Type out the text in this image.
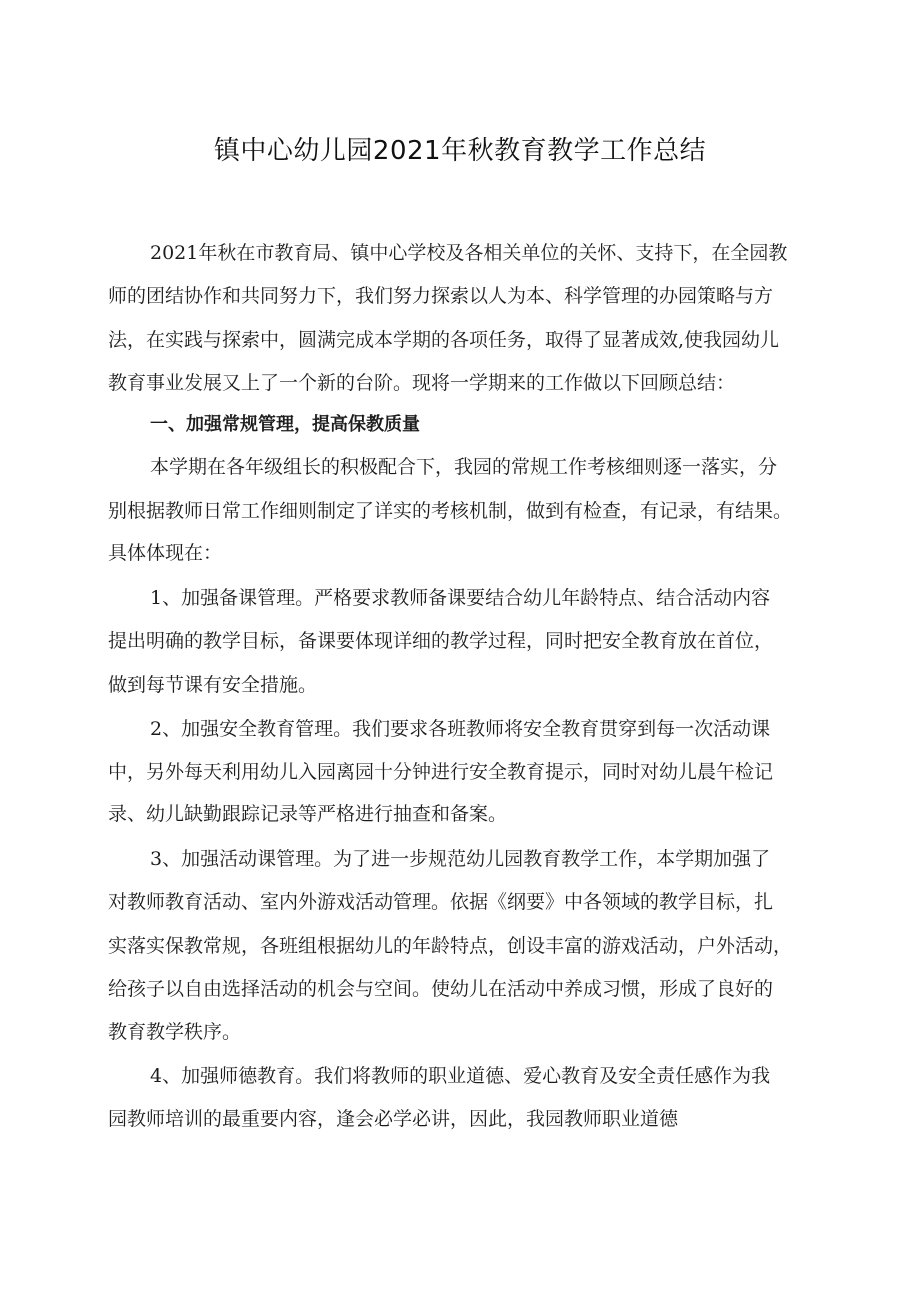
镇中心幼儿园2021年秋教育教学工作总结
2021年秋在市教育局、镇中心学校及各相关单位的关怀、支持下，在全园教
师的团结协作和共同努力下，我们努力探索以人为本、科学管理的办园策略与方
法，在实践与探索中，圆满完成本学期的各项任务，取得了显著成效,使我园幼儿
教育事业发展又上了一个新的台阶。现将一学期来的工作做以下回顾总结：
一、加强常规管理，提高保教质量
本学期在各年级组长的积极配合下，我园的常规工作考核细则逐一落实，分
别根据教师日常工作细则制定了详实的考核机制，做到有检查，有记录，有结果。
具体体现在：
1、加强备课管理。严格要求教师备课要结合幼儿年龄特点、结合活动内容
提出明确的教学目标，备课要体现详细的教学过程，同时把安全教育放在首位，
做到每节课有安全措施。
2、加强安全教育管理。我们要求各班教师将安全教育贯穿到每一次活动课
中，另外每天利用幼儿入园离园十分钟进行安全教育提示，同时对幼儿晨午检记
录、幼儿缺勤跟踪记录等严格进行抽查和备案。
3、加强活动课管理。为了进一步规范幼儿园教育教学工作，本学期加强了
对教师教育活动、室内外游戏活动管理。依据《纲要》中各领域的教学目标，扎
实落实保教常规，各班组根据幼儿的年龄特点，创设丰富的游戏活动，户外活动，
给孩子以自由选择活动的机会与空间。使幼儿在活动中养成习惯，形成了良好的
教育教学秩序。
4、加强师德教育。我们将教师的职业道德、爱心教育及安全责任感作为我
园教师培训的最重要内容，逢会必学必讲，因此，我园教师职业道德
